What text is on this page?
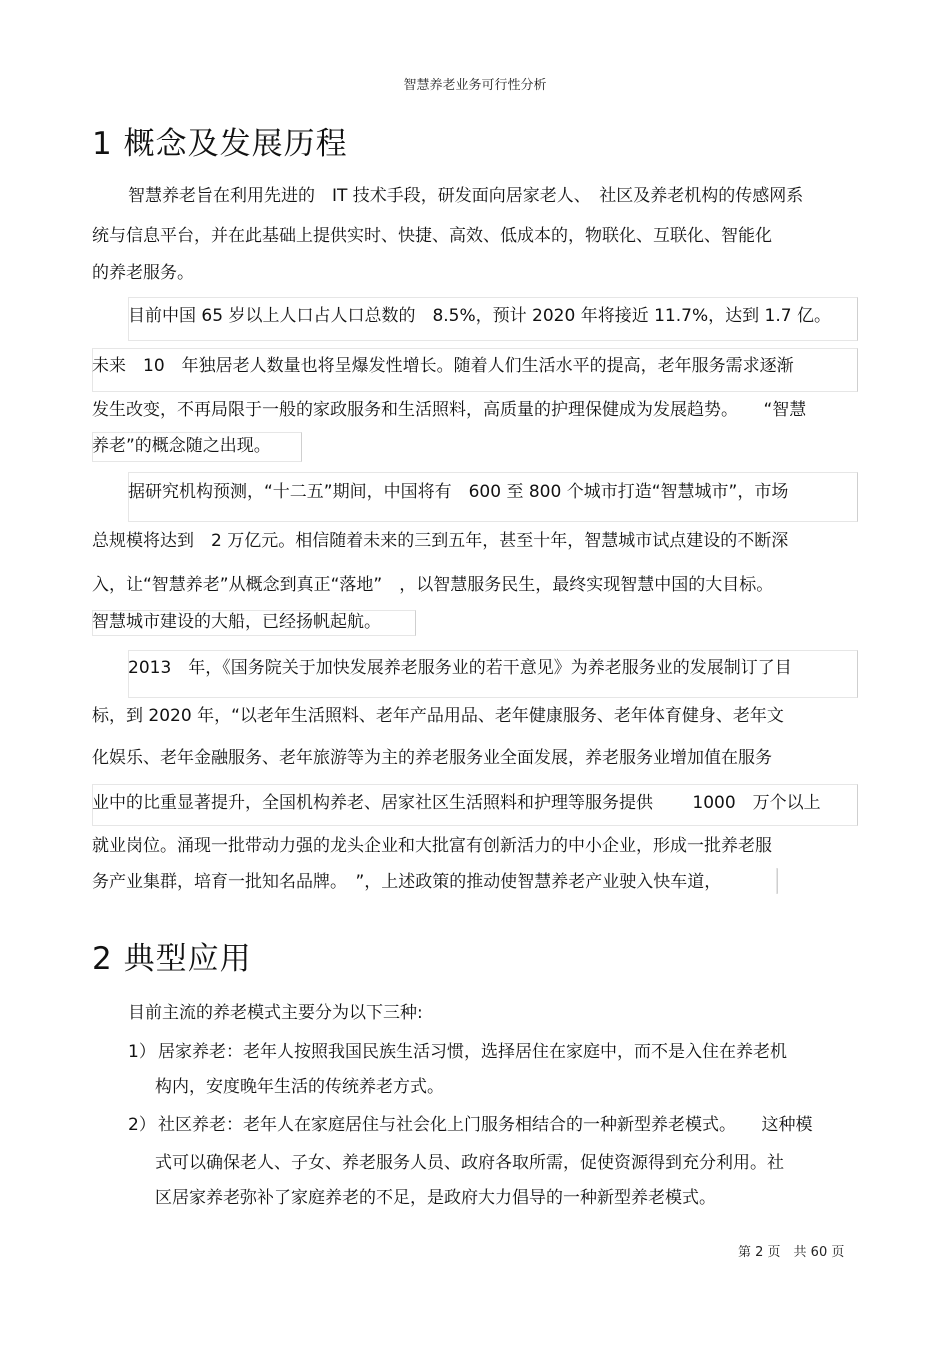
智慧养老业务可行性分析
1 概念及发展历程
智慧养老旨在利用先进的　IT 技术手段，研发面向居家老人、　社区及养老机构的传感网系
统与信息平台，并在此基础上提供实时、快捷、高效、低成本的，物联化、互联化、智能化
的养老服务。
目前中国 65 岁以上人口占人口总数的　8.5%，预计 2020 年将接近 11.7%，达到 1.7 亿。
未来　10　年独居老人数量也将呈爆发性增长。随着人们生活水平的提高，老年服务需求逐渐
发生改变，不再局限于一般的家政服务和生活照料，高质量的护理保健成为发展趋势。　　“智慧
养老”的概念随之出现。
据研究机构预测，“十二五”期间，中国将有　600 至 800 个城市打造“智慧城市”，市场
总规模将达到　2 万亿元。相信随着未来的三到五年，甚至十年，智慧城市试点建设的不断深
入，让“智慧养老”从概念到真正“落地”　，以智慧服务民生，最终实现智慧中国的大目标。
智慧城市建设的大船，已经扬帆起航。
2013　年，《国务院关于加快发展养老服务业的若干意见》为养老服务业的发展制订了目
标，到 2020 年，“以老年生活照料、老年产品用品、老年健康服务、老年体育健身、老年文
化娱乐、老年金融服务、老年旅游等为主的养老服务业全面发展，养老服务业增加值在服务
业中的比重显著提升，全国机构养老、居家社区生活照料和护理等服务提供　　 1000　万个以上
就业岗位。涌现一批带动力强的龙头企业和大批富有创新活力的中小企业，形成一批养老服
务产业集群，培育一批知名品牌。　”，上述政策的推动使智慧养老产业驶入快车道，
2 典型应用
目前主流的养老模式主要分为以下三种:
1） 居家养老：老年人按照我国民族生活习惯，选择居住在家庭中，而不是入住在养老机
构内，安度晚年生活的传统养老方式。
2） 社区养老：老年人在家庭居住与社会化上门服务相结合的一种新型养老模式。　　这种模
式可以确保老人、子女、养老服务人员、政府各取所需，促使资源得到充分利用。社
区居家养老弥补了家庭养老的不足，是政府大力倡导的一种新型养老模式。
第 2 页　共 60 页
